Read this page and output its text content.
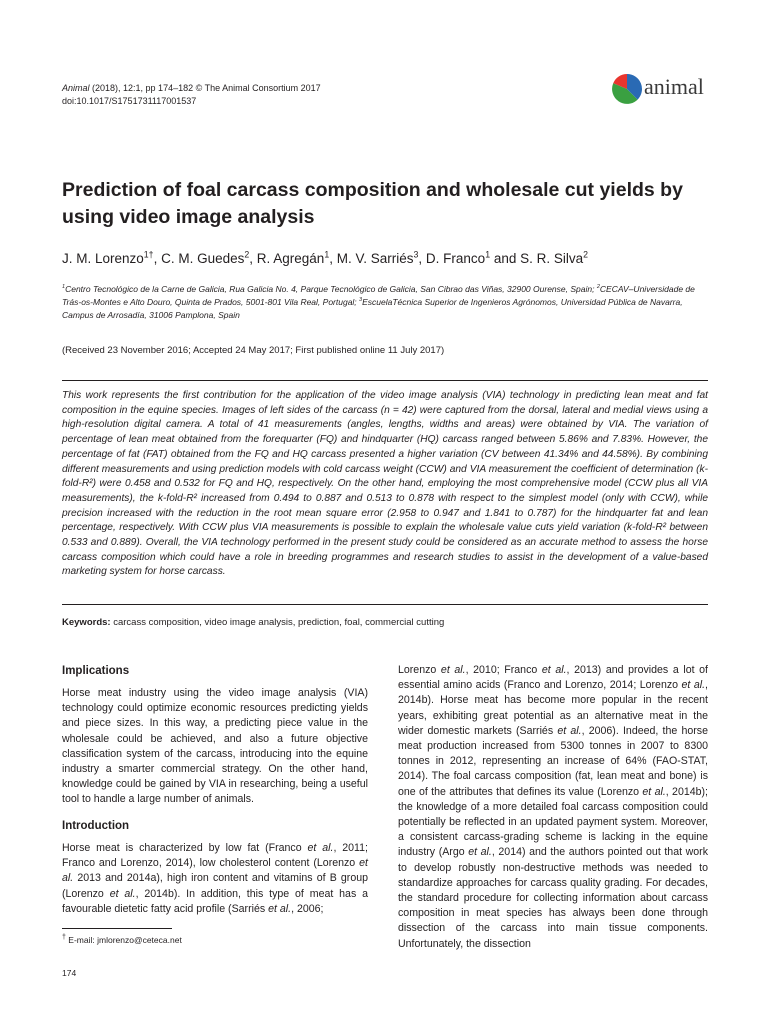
Animal (2018), 12:1, pp 174–182 © The Animal Consortium 2017
doi:10.1017/S1751731117001537
animal
Prediction of foal carcass composition and wholesale cut yields by using video image analysis
J. M. Lorenzo$^{1\dagger}$, C. M. Guedes$^2$, R. Agregán$^1$, M. V. Sarriés$^3$, D. Franco$^1$ and S. R. Silva$^2$
$^1$Centro Tecnológico de la Carne de Galicia, Rua Galicia No. 4, Parque Tecnológico de Galicia, San Cibrao das Viñas, 32900 Ourense, Spain; $^2$CECAV–Universidade de Trás-os-Montes e Alto Douro, Quinta de Prados, 5001-801 Vila Real, Portugal; $^3$EscuelaTécnica Superior de Ingenieros Agrónomos, Universidad Pública de Navarra, Campus de Arrosadía, 31006 Pamplona, Spain
(Received 23 November 2016; Accepted 24 May 2017; First published online 11 July 2017)
This work represents the first contribution for the application of the video image analysis (VIA) technology in predicting lean meat and fat composition in the equine species. Images of left sides of the carcass (n = 42) were captured from the dorsal, lateral and medial views using a high-resolution digital camera. A total of 41 measurements (angles, lengths, widths and areas) were obtained by VIA. The variation of percentage of lean meat obtained from the forequarter (FQ) and hindquarter (HQ) carcass ranged between 5.86% and 7.83%. However, the percentage of fat (FAT) obtained from the FQ and HQ carcass presented a higher variation (CV between 41.34% and 44.58%). By combining different measurements and using prediction models with cold carcass weight (CCW) and VIA measurement the coefficient of determination (k-fold-R²) were 0.458 and 0.532 for FQ and HQ, respectively. On the other hand, employing the most comprehensive model (CCW plus all VIA measurements), the k-fold-R² increased from 0.494 to 0.887 and 0.513 to 0.878 with respect to the simplest model (only with CCW), while precision increased with the reduction in the root mean square error (2.958 to 0.947 and 1.841 to 0.787) for the hindquarter fat and lean percentage, respectively. With CCW plus VIA measurements is possible to explain the wholesale value cuts yield variation (k-fold-R² between 0.533 and 0.889). Overall, the VIA technology performed in the present study could be considered as an accurate method to assess the horse carcass composition which could have a role in breeding programmes and research studies to assist in the development of a value-based marketing system for horse carcass.
Keywords: carcass composition, video image analysis, prediction, foal, commercial cutting
Implications
Horse meat industry using the video image analysis (VIA) technology could optimize economic resources predicting yields and piece sizes. In this way, a predicting piece value in the wholesale could be achieved, and also a future objective classification system of the carcass, introducing into the equine industry a smarter commercial strategy. On the other hand, knowledge could be gained by VIA in researching, being a useful tool to handle a large number of animals.
Introduction
Horse meat is characterized by low fat (Franco et al., 2011; Franco and Lorenzo, 2014), low cholesterol content (Lorenzo et al. 2013 and 2014a), high iron content and vitamins of B group (Lorenzo et al., 2014b). In addition, this type of meat has a favourable dietetic fatty acid profile (Sarriés et al., 2006;
Lorenzo et al., 2010; Franco et al., 2013) and provides a lot of essential amino acids (Franco and Lorenzo, 2014; Lorenzo et al., 2014b). Horse meat has become more popular in the recent years, exhibiting great potential as an alternative meat in the wider domestic markets (Sarriés et al., 2006). Indeed, the horse meat production increased from 5300 tonnes in 2007 to 8300 tonnes in 2012, representing an increase of 64% (FAO-STAT, 2014). The foal carcass composition (fat, lean meat and bone) is one of the attributes that defines its value (Lorenzo et al., 2014b); the knowledge of a more detailed foal carcass composition could potentially be reflected in an updated payment system. Moreover, a consistent carcass-grading scheme is lacking in the equine industry (Argo et al., 2014) and the authors pointed out that work to develop robustly non-destructive methods was needed to standardize approaches for carcass quality grading. For decades, the standard procedure for collecting information about carcass composition in meat species has always been done through dissection of the carcass into main tissue components. Unfortunately, the dissection
† E-mail: jmlorenzo@ceteca.net
174
